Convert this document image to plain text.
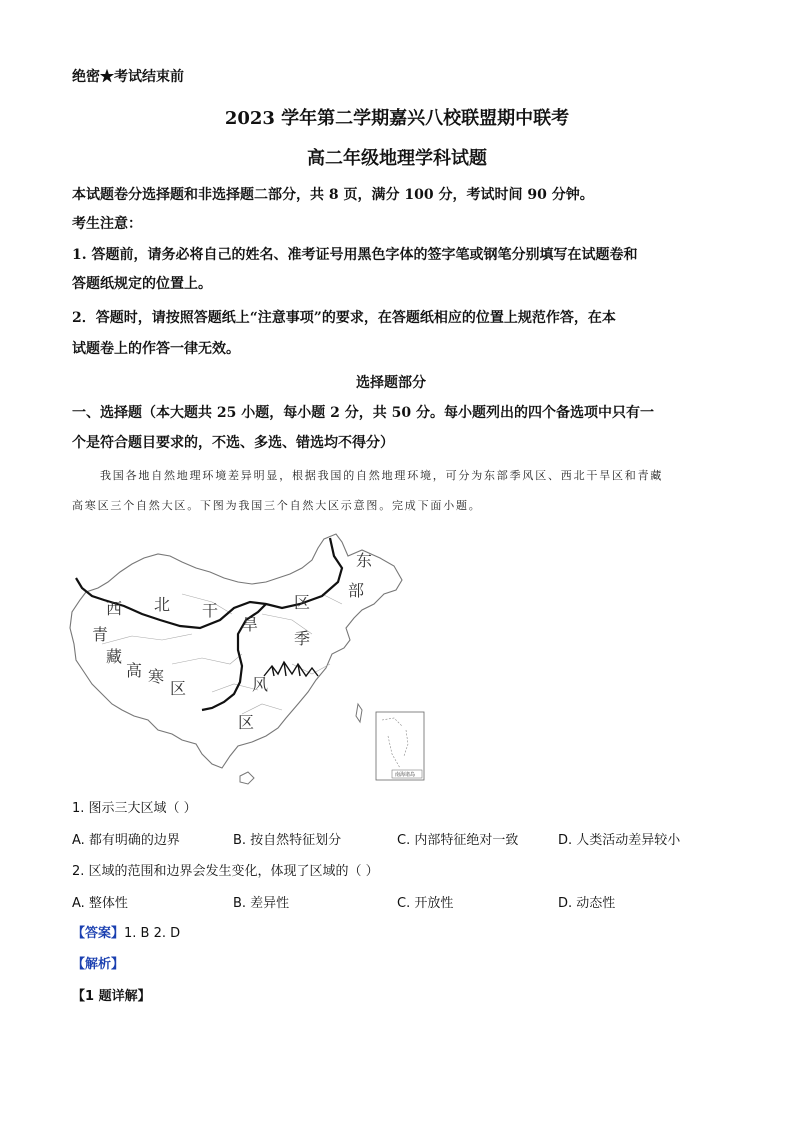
绝密★考试结束前
2023 学年第二学期嘉兴八校联盟期中联考
高二年级地理学科试题
本试题卷分选择题和非选择题二部分，共 8 页，满分 100 分，考试时间 90 分钟。
考生注意：
1. 答题前，请务必将自己的姓名、准考证号用黑色字体的签字笔或钢笔分别填写在试题卷和
答题纸规定的位置上。
2．答题时，请按照答题纸上“注意事项”的要求，在答题纸相应的位置上规范作答，在本
试题卷上的作答一律无效。
选择题部分
一、选择题（本大题共 25 小题，每小题 2 分，共 50 分。每小题列出的四个备选项中只有一
个是符合题目要求的，不选、多选、错选均不得分）
我国各地自然地理环境差异明显，根据我国的自然地理环境，可分为东部季风区、西北干旱区和青藏
高寒区三个自然大区。下图为我国三个自然大区示意图。完成下面小题。
西 北 干
旱
区
东
部
季
风
区
青
藏
高 寒
区
南海诸岛
1. 图示三大区域（ ）
A. 都有明确的边界	B. 按自然特征划分	C. 内部特征绝对一致	D. 人类活动差异较小
2. 区域的范围和边界会发生变化，体现了区域的（ ）
A. 整体性	B. 差异性	C. 开放性	D. 动态性
【答案】1. B 2. D
【解析】
【1 题详解】
